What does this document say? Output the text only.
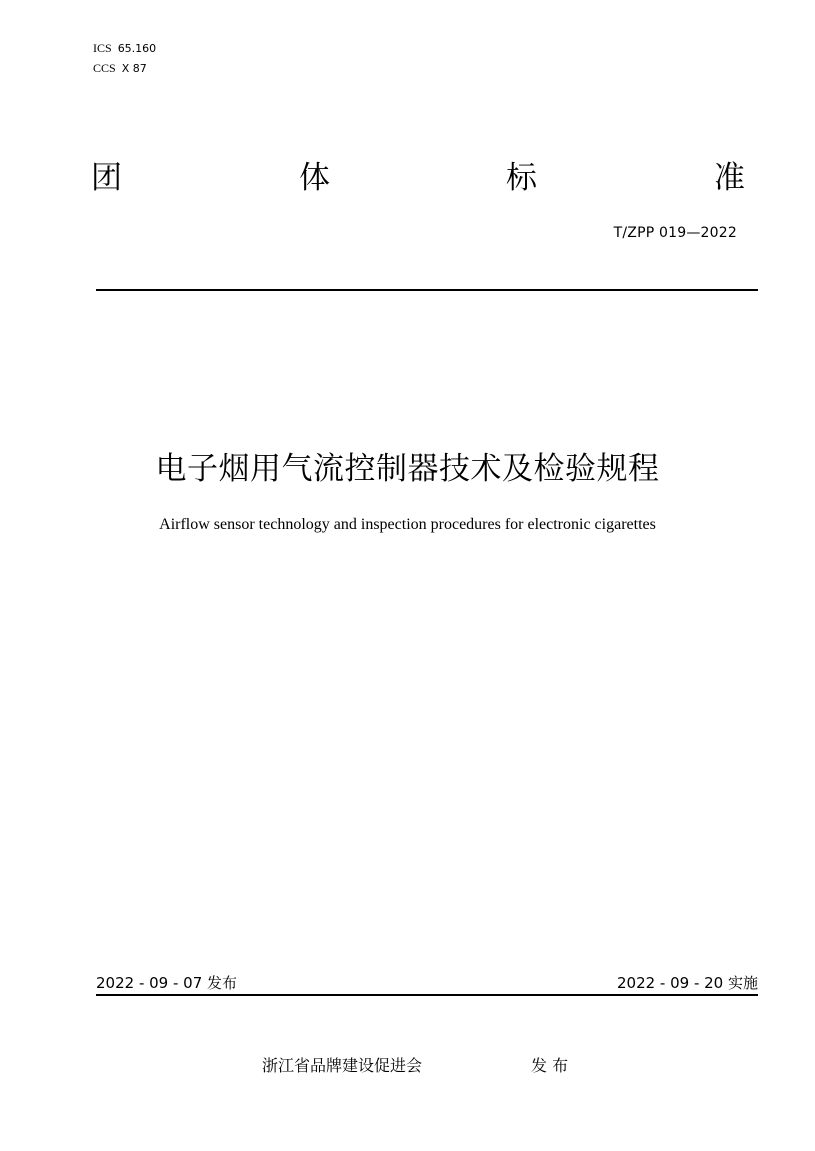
ICS 65.160
CCS X 87
团	体	标	准
T/ZPP 019—2022
电子烟用气流控制器技术及检验规程
Airflow sensor technology and inspection procedures for electronic cigarettes
2022 - 09 - 07 发布	2022 - 09 - 20 实施
浙江省品牌建设促进会	发 布
